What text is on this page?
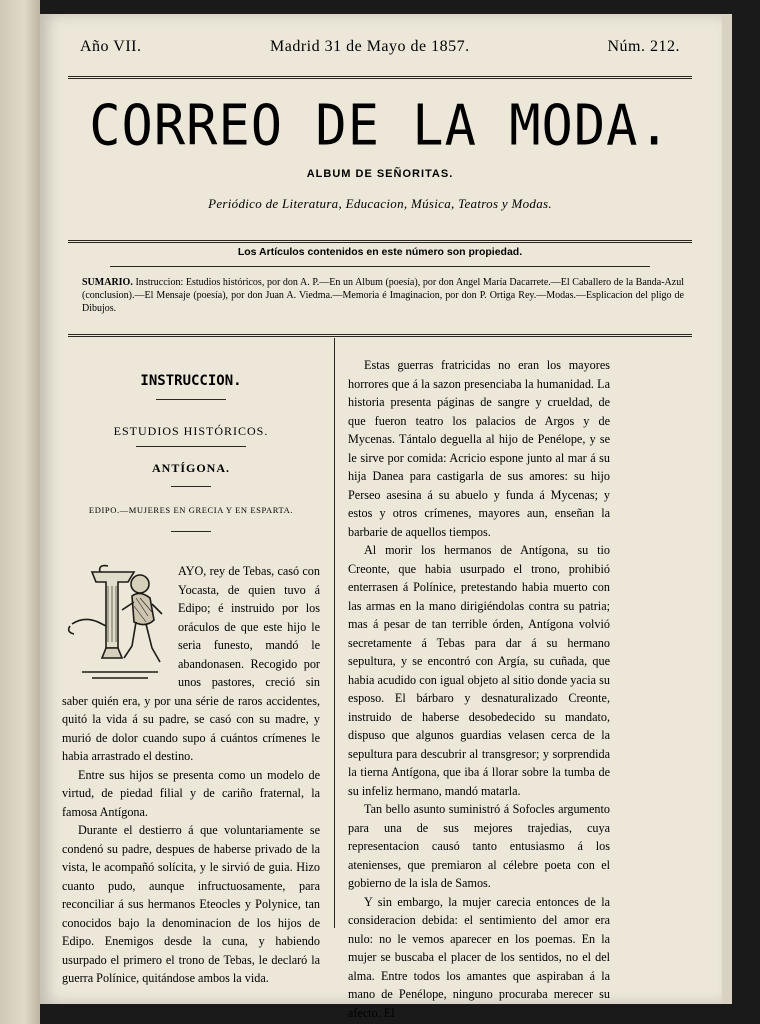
Año VII.	Madrid 31 de Mayo de 1857.	Núm. 212.
CORREO DE LA MODA.
ALBUM DE SEÑORITAS.
Periódico de Literatura, Educacion, Música, Teatros y Modas.
Los Artículos contenidos en este número son propiedad.
SUMARIO. Instruccion: Estudios históricos, por don A. P.—En un Album (poesía), por don Angel María Dacarrete.—El Caballero de la Banda-Azul (conclusion).—El Mensaje (poesía), por don Juan A. Viedma.—Memoria é Imaginacion, por don P. Ortiga Rey.—Modas.—Esplicacion del pligo de Dibujos.
INSTRUCCION.
ESTUDIOS HISTÓRICOS.
ANTÍGONA.
EDIPO.—MUJERES EN GRECIA Y EN ESPARTA.

AYO, rey de Tebas, casó con Yocasta, de quien tuvo á Edipo; é instruido por los oráculos de que este hijo le seria funesto, mandó le abandonasen. Recogido por unos pastores, creció sin saber quién era, y por una série de raros accidentes, quitó la vida á su padre, se casó con su madre, y murió de dolor cuando supo á cuántos crímenes le habia arrastrado el destino.

Entre sus hijos se presenta como un modelo de virtud, de piedad filial y de cariño fraternal, la famosa Antígona.

Durante el destierro á que voluntariamente se condenó su padre, despues de haberse privado de la vista, le acompañó solícita, y le sirvió de guia. Hizo cuanto pudo, aunque infructuosamente, para reconciliar á sus hermanos Eteocles y Polynice, tan conocidos bajo la denominacion de los hijos de Edipo. Enemigos desde la cuna, y habiendo usurpado el primero el trono de Tebas, le declaró la guerra Polínice, quitándose ambos la vida.

Estas guerras fratricidas no eran los mayores horrores que á la sazon presenciaba la humanidad. La historia presenta páginas de sangre y crueldad, de que fueron teatro los palacios de Argos y de Mycenas. Tántalo deguella al hijo de Penélope, y se le sirve por comida: Acricio espone junto al mar á su hija Danea para castigarla de sus amores: su hijo Perseo asesina á su abuelo y funda á Mycenas; y estos y otros crímenes, mayores aun, enseñan la barbarie de aquellos tiempos.

Al morir los hermanos de Antígona, su tio Creonte, que habia usurpado el trono, prohibió enterrasen á Polínice, pretestando habia muerto con las armas en la mano dirigiéndolas contra su patria; mas á pesar de tan terrible órden, Antígona volvió secretamente á Tebas para dar á su hermano sepultura, y se encontró con Argía, su cuñada, que habia acudido con igual objeto al sitio donde yacia su esposo. El bárbaro y desnaturalizado Creonte, instruido de haberse desobedecido su mandato, dispuso que algunos guardias velasen cerca de la sepultura para descubrir al transgresor; y sorprendida la tierna Antígona, que iba á llorar sobre la tumba de su infeliz hermano, mandó matarla.

Tan bello asunto suministró á Sofocles argumento para una de sus mejores trajedias, cuya representacion causó tanto entusiasmo á los atenienses, que premiaron al célebre poeta con el gobierno de la isla de Samos.

Y sin embargo, la mujer carecia entonces de la consideracion debida: el sentimiento del amor era nulo: no le vemos aparecer en los poemas. En la mujer se buscaba el placer de los sentidos, no el del alma. Entre todos los amantes que aspiraban á la mano de Penélope, ninguno procuraba merecer su afecto. El
